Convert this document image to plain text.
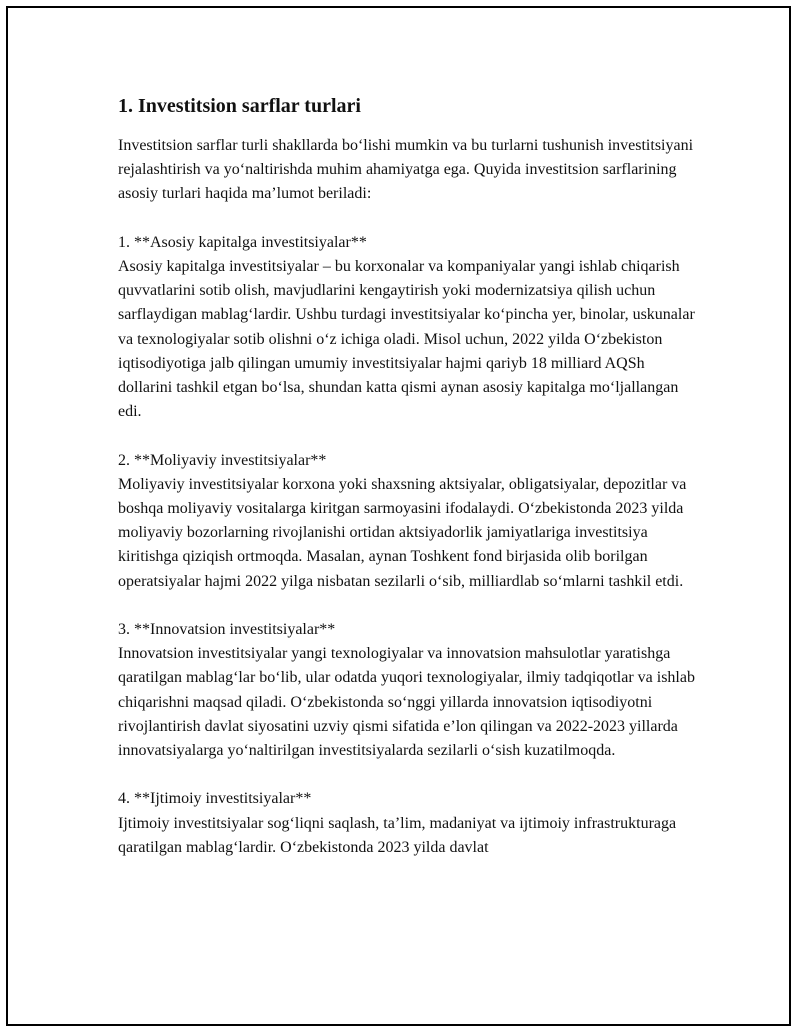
1. Investitsion sarflar turlari

Investitsion sarflar turli shakllarda bo‘lishi mumkin va bu turlarni tushunish investitsiyani rejalashtirish va yo‘naltirishda muhim ahamiyatga ega. Quyida investitsion sarflarining asosiy turlari haqida ma’lumot beriladi:

1. **Asosiy kapitalga investitsiyalar**

Asosiy kapitalga investitsiyalar – bu korxonalar va kompaniyalar yangi ishlab chiqarish quvvatlarini sotib olish, mavjudlarini kengaytirish yoki modernizatsiya qilish uchun sarflaydigan mablag‘lardir. Ushbu turdagi investitsiyalar ko‘pincha yer, binolar, uskunalar va texnologiyalar sotib olishni o‘z ichiga oladi. Misol uchun, 2022 yilda O‘zbekiston iqtisodiyotiga jalb qilingan umumiy investitsiyalar hajmi qariyb 18 milliard AQSh dollarini tashkil etgan bo‘lsa, shundan katta qismi aynan asosiy kapitalga mo‘ljallangan edi.

2. **Moliyaviy investitsiyalar**

Moliyaviy investitsiyalar korxona yoki shaxsning aktsiyalar, obligatsiyalar, depozitlar va boshqa moliyaviy vositalarga kiritgan sarmoyasini ifodalaydi. O‘zbekistonda 2023 yilda moliyaviy bozorlarning rivojlanishi ortidan aktsiyadorlik jamiyatlariga investitsiya kiritishga qiziqish ortmoqda. Masalan, aynan Toshkent fond birjasida olib borilgan operatsiyalar hajmi 2022 yilga nisbatan sezilarli o‘sib, milliardlab so‘mlarni tashkil etdi.

3. **Innovatsion investitsiyalar**

Innovatsion investitsiyalar yangi texnologiyalar va innovatsion mahsulotlar yaratishga qaratilgan mablag‘lar bo‘lib, ular odatda yuqori texnologiyalar, ilmiy tadqiqotlar va ishlab chiqarishni maqsad qiladi. O‘zbekistonda so‘nggi yillarda innovatsion iqtisodiyotni rivojlantirish davlat siyosatini uzviy qismi sifatida e’lon qilingan va 2022-2023 yillarda innovatsiyalarga yo‘naltirilgan investitsiyalarda sezilarli o‘sish kuzatilmoqda.

4. **Ijtimoiy investitsiyalar**

Ijtimoiy investitsiyalar sog‘liqni saqlash, ta’lim, madaniyat va ijtimoiy infrastrukturaga qaratilgan mablag‘lardir. O‘zbekistonda 2023 yilda davlat
